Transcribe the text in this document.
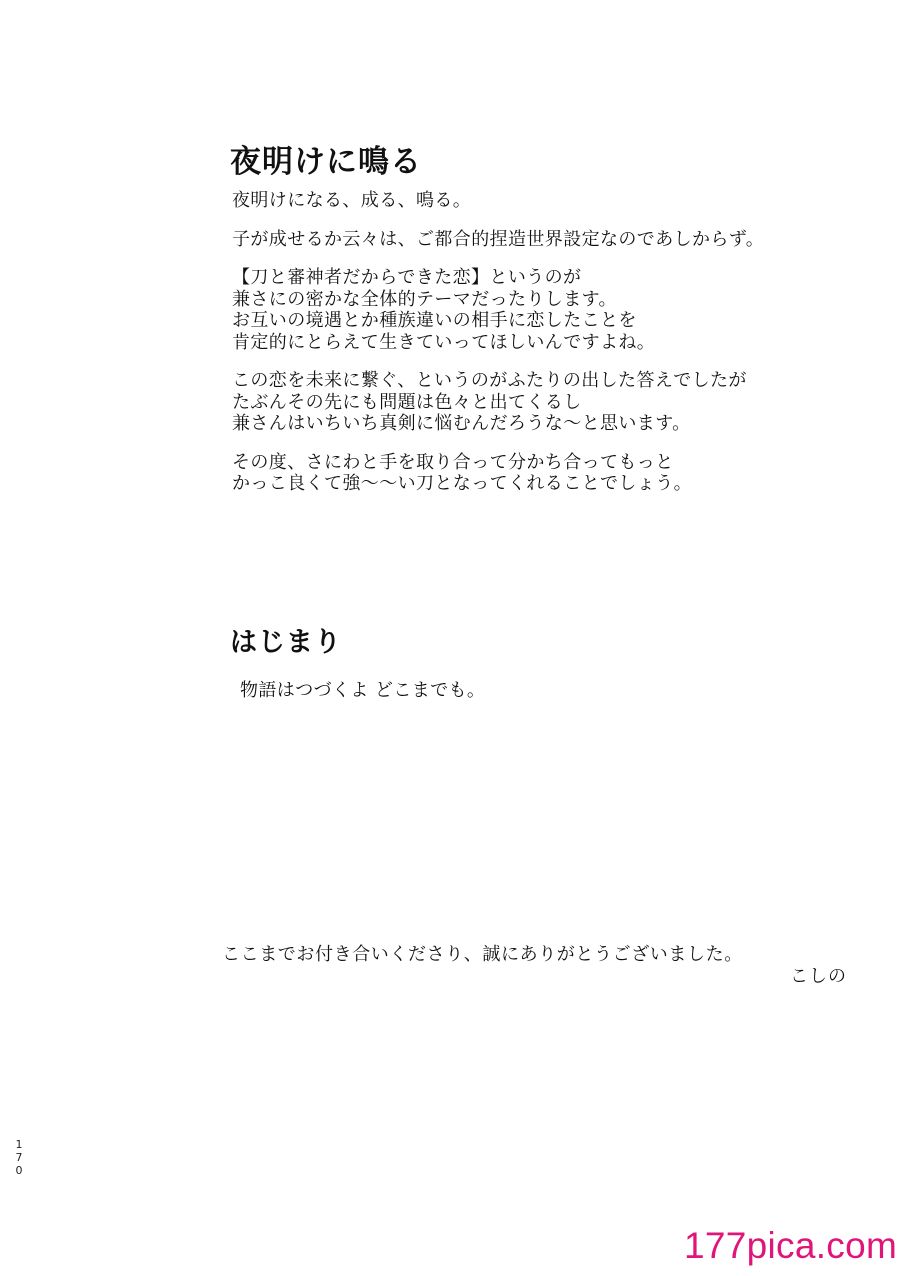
夜明けに鳴る
夜明けになる、成る、鳴る。
子が成せるか云々は、ご都合的捏造世界設定なのであしからず。
【刀と審神者だからできた恋】というのが
兼さにの密かな全体的テーマだったりします。
お互いの境遇とか種族違いの相手に恋したことを
肯定的にとらえて生きていってほしいんですよね。
この恋を未来に繋ぐ、というのがふたりの出した答えでしたが
たぶんその先にも問題は色々と出てくるし
兼さんはいちいち真剣に悩むんだろうな～と思います。
その度、さにわと手を取り合って分かち合ってもっと
かっこ良くて強～～い刀となってくれることでしょう。
はじまり
物語はつづくよ どこまでも。
ここまでお付き合いくださり、誠にありがとうございました。
こしの
1
7
0
177pica.com
